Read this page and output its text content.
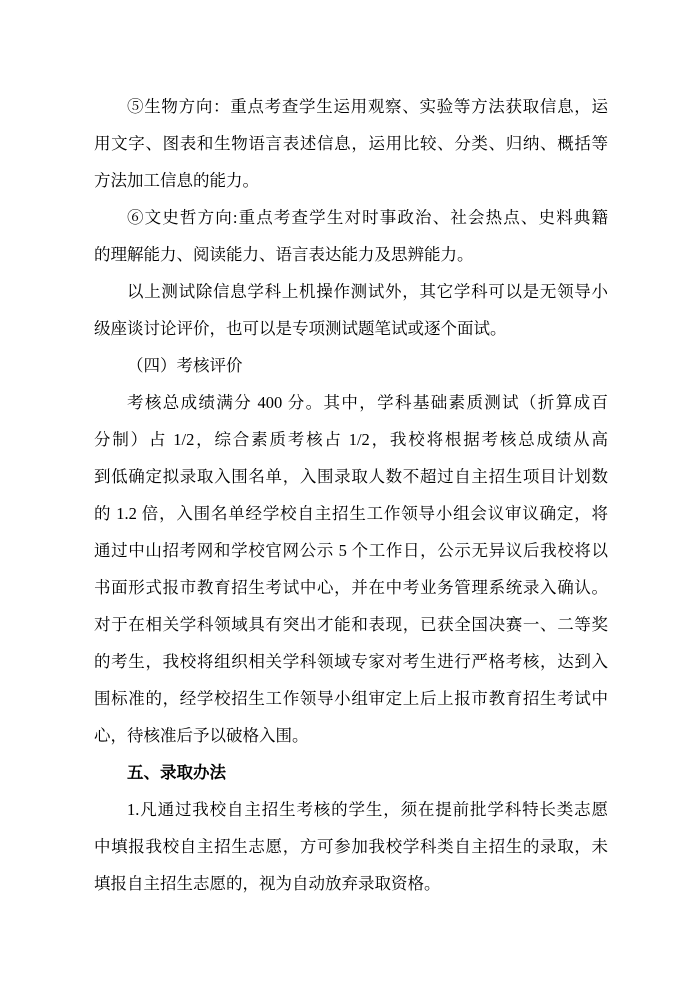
⑤生物方向：重点考查学生运用观察、实验等方法获取信息，运
用文字、图表和生物语言表述信息，运用比较、分类、归纳、概括等
方法加工信息的能力。
⑥文史哲方向:重点考查学生对时事政治、社会热点、史料典籍
的理解能力、阅读能力、语言表达能力及思辨能力。
以上测试除信息学科上机操作测试外，其它学科可以是无领导小
级座谈讨论评价，也可以是专项测试题笔试或逐个面试。
（四）考核评价
考核总成绩满分 400 分。其中，学科基础素质测试（折算成百
分制）占 1/2，综合素质考核占 1/2，我校将根据考核总成绩从高
到低确定拟录取入围名单，入围录取人数不超过自主招生项目计划数
的 1.2 倍，入围名单经学校自主招生工作领导小组会议审议确定，将
通过中山招考网和学校官网公示 5 个工作日，公示无异议后我校将以
书面形式报市教育招生考试中心，并在中考业务管理系统录入确认。
对于在相关学科领域具有突出才能和表现，已获全国决赛一、二等奖
的考生，我校将组织相关学科领域专家对考生进行严格考核，达到入
围标准的，经学校招生工作领导小组审定上后上报市教育招生考试中
心，待核准后予以破格入围。
五、录取办法
1.凡通过我校自主招生考核的学生，须在提前批学科特长类志愿
中填报我校自主招生志愿，方可参加我校学科类自主招生的录取，未
填报自主招生志愿的，视为自动放弃录取资格。
